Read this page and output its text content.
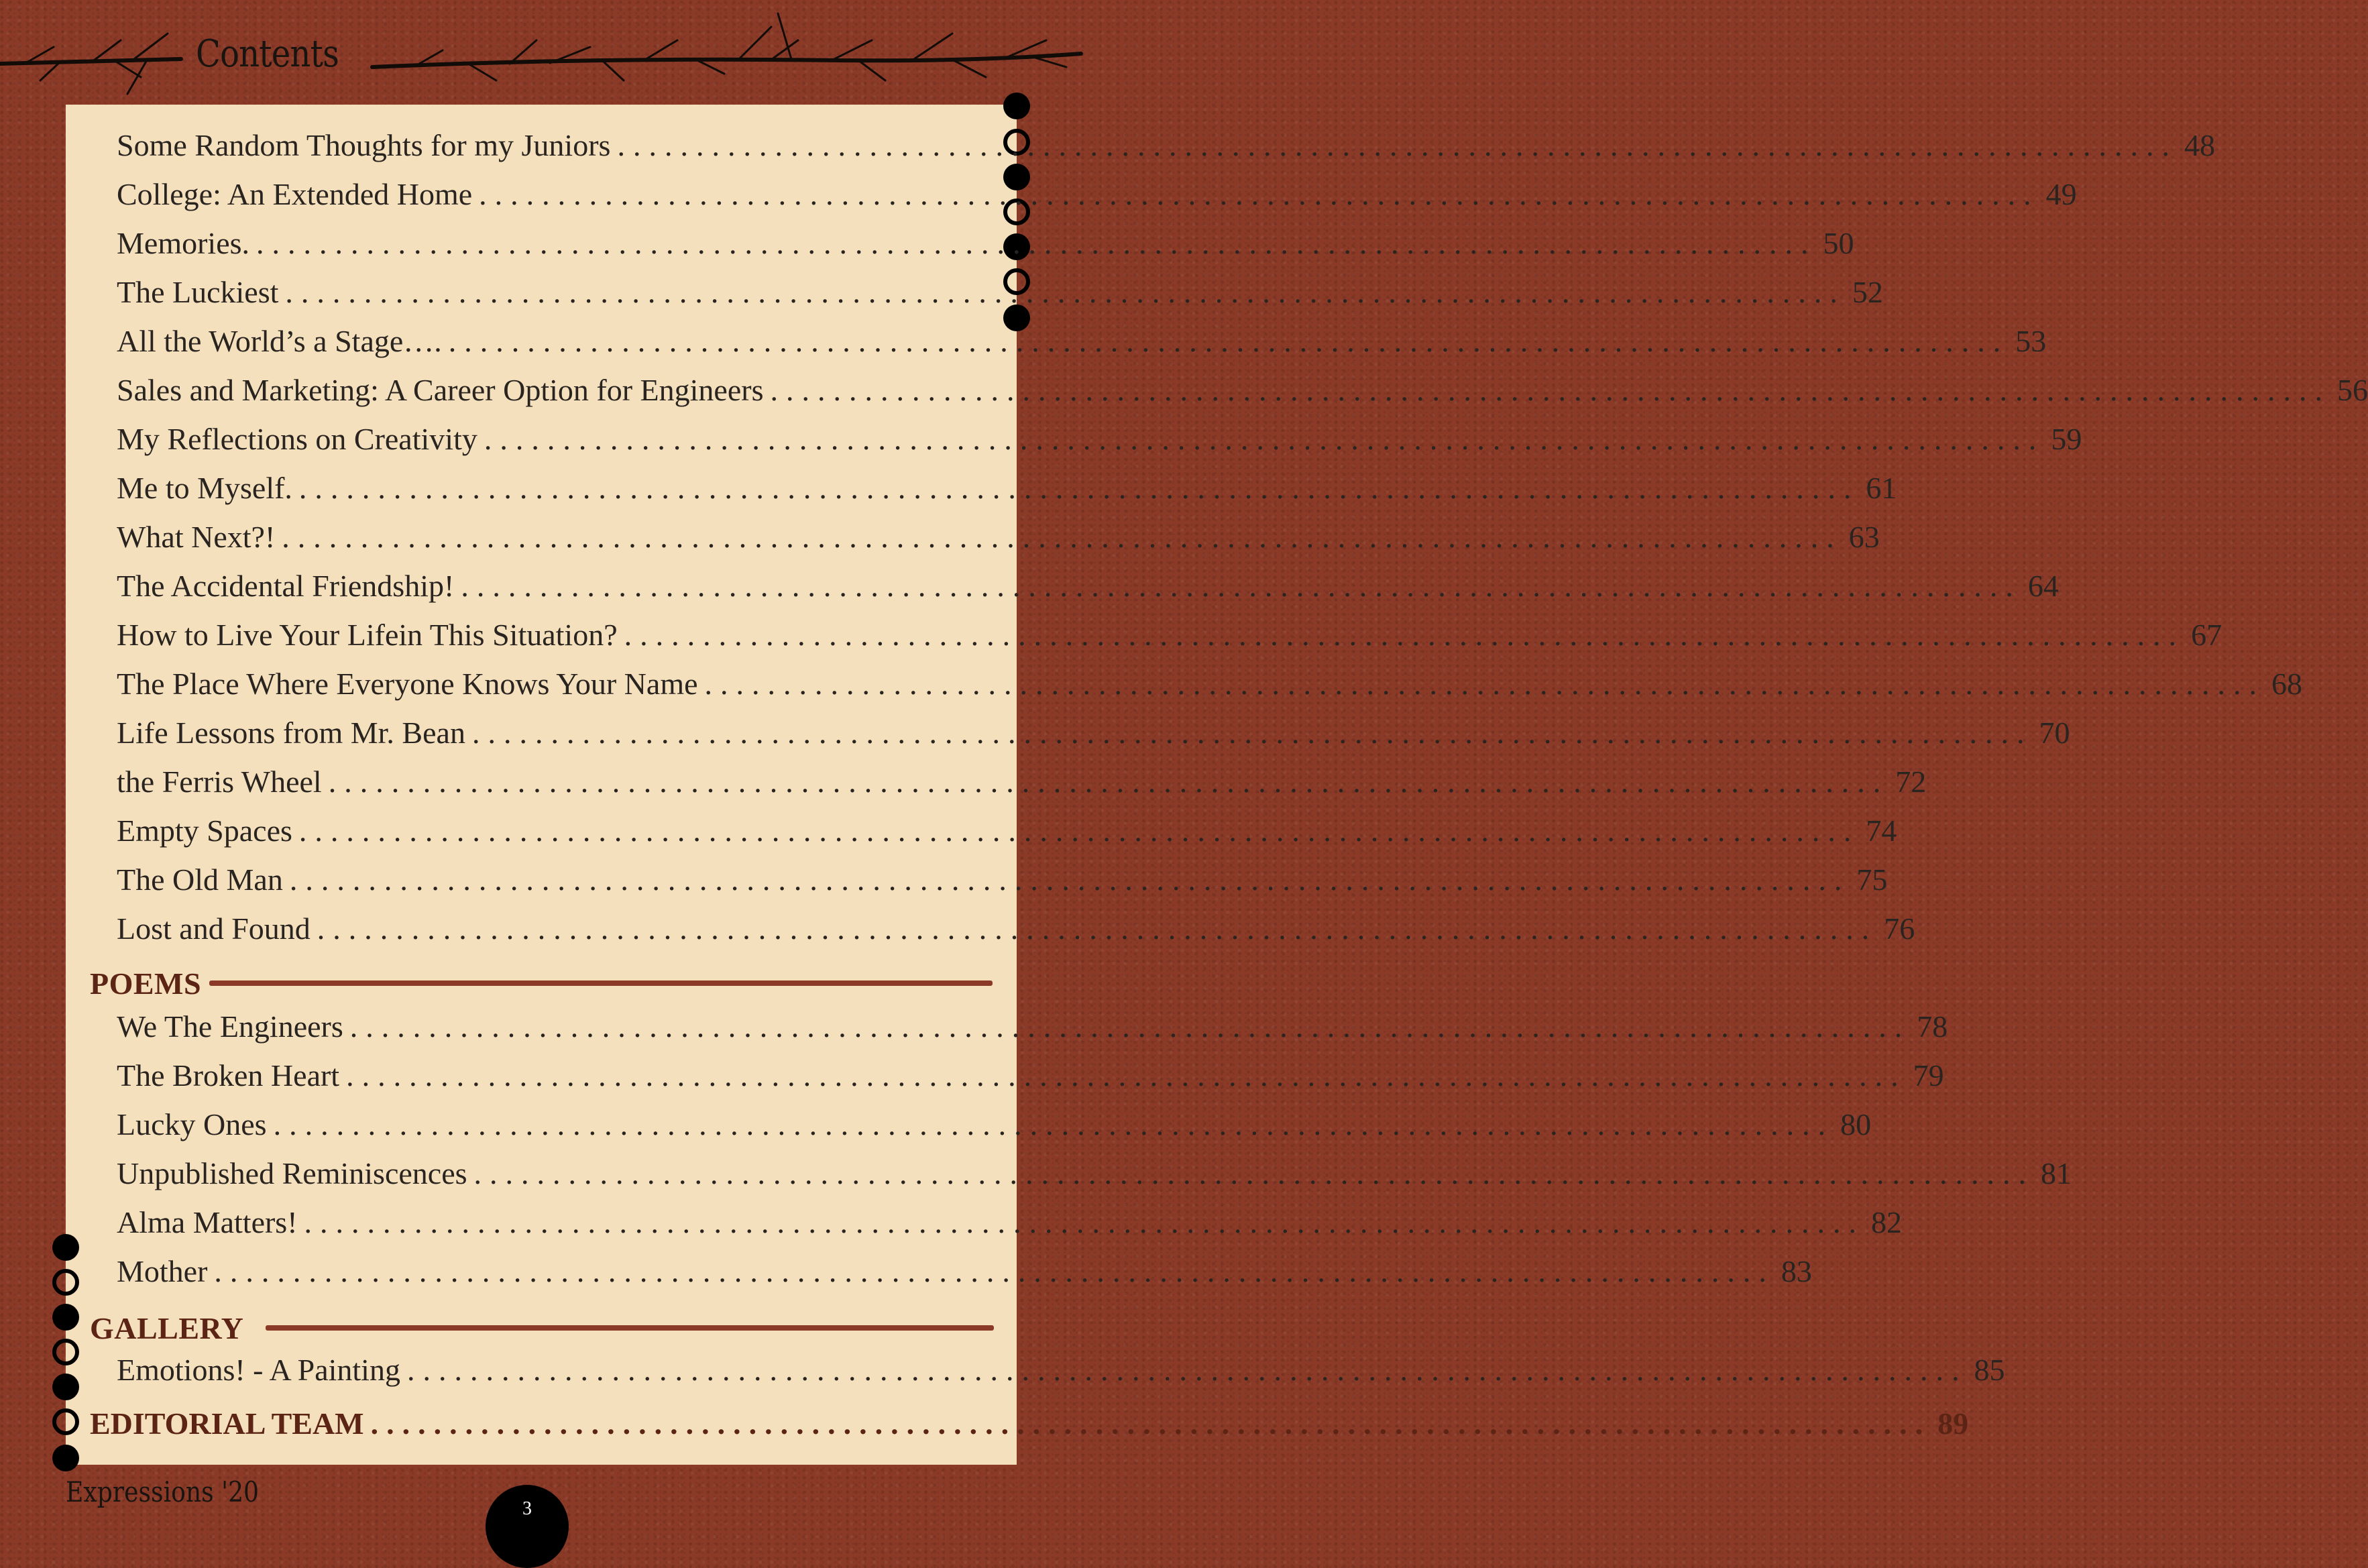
Contents
Some Random Thoughts for my Juniors ................................................................................................... 48
College: An Extended Home ................................................................................................... 49
Memories. ................................................................................................... 50
The Luckiest ................................................................................................... 52
All the World’s a Stage…. ................................................................................................... 53
Sales and Marketing: A Career Option for Engineers ................................................................................................... 56
My Reflections on Creativity ................................................................................................... 59
Me to Myself. ................................................................................................... 61
What Next?! ................................................................................................... 63
The Accidental Friendship! ................................................................................................... 64
How to Live Your Lifein This Situation? ................................................................................................... 67
The Place Where Everyone Knows Your Name ................................................................................................... 68
Life Lessons from Mr. Bean ................................................................................................... 70
the Ferris Wheel ................................................................................................... 72
Empty Spaces ................................................................................................... 74
The Old Man ................................................................................................... 75
Lost and Found ................................................................................................... 76
POEMS
We The Engineers ................................................................................................... 78
The Broken Heart ................................................................................................... 79
Lucky Ones ................................................................................................... 80
Unpublished Reminiscences ................................................................................................... 81
Alma Matters! ................................................................................................... 82
Mother ................................................................................................... 83
GALLERY
Emotions! - A Painting ................................................................................................... 85
EDITORIAL TEAM ................................................................................................... 89
Expressions '20
3
